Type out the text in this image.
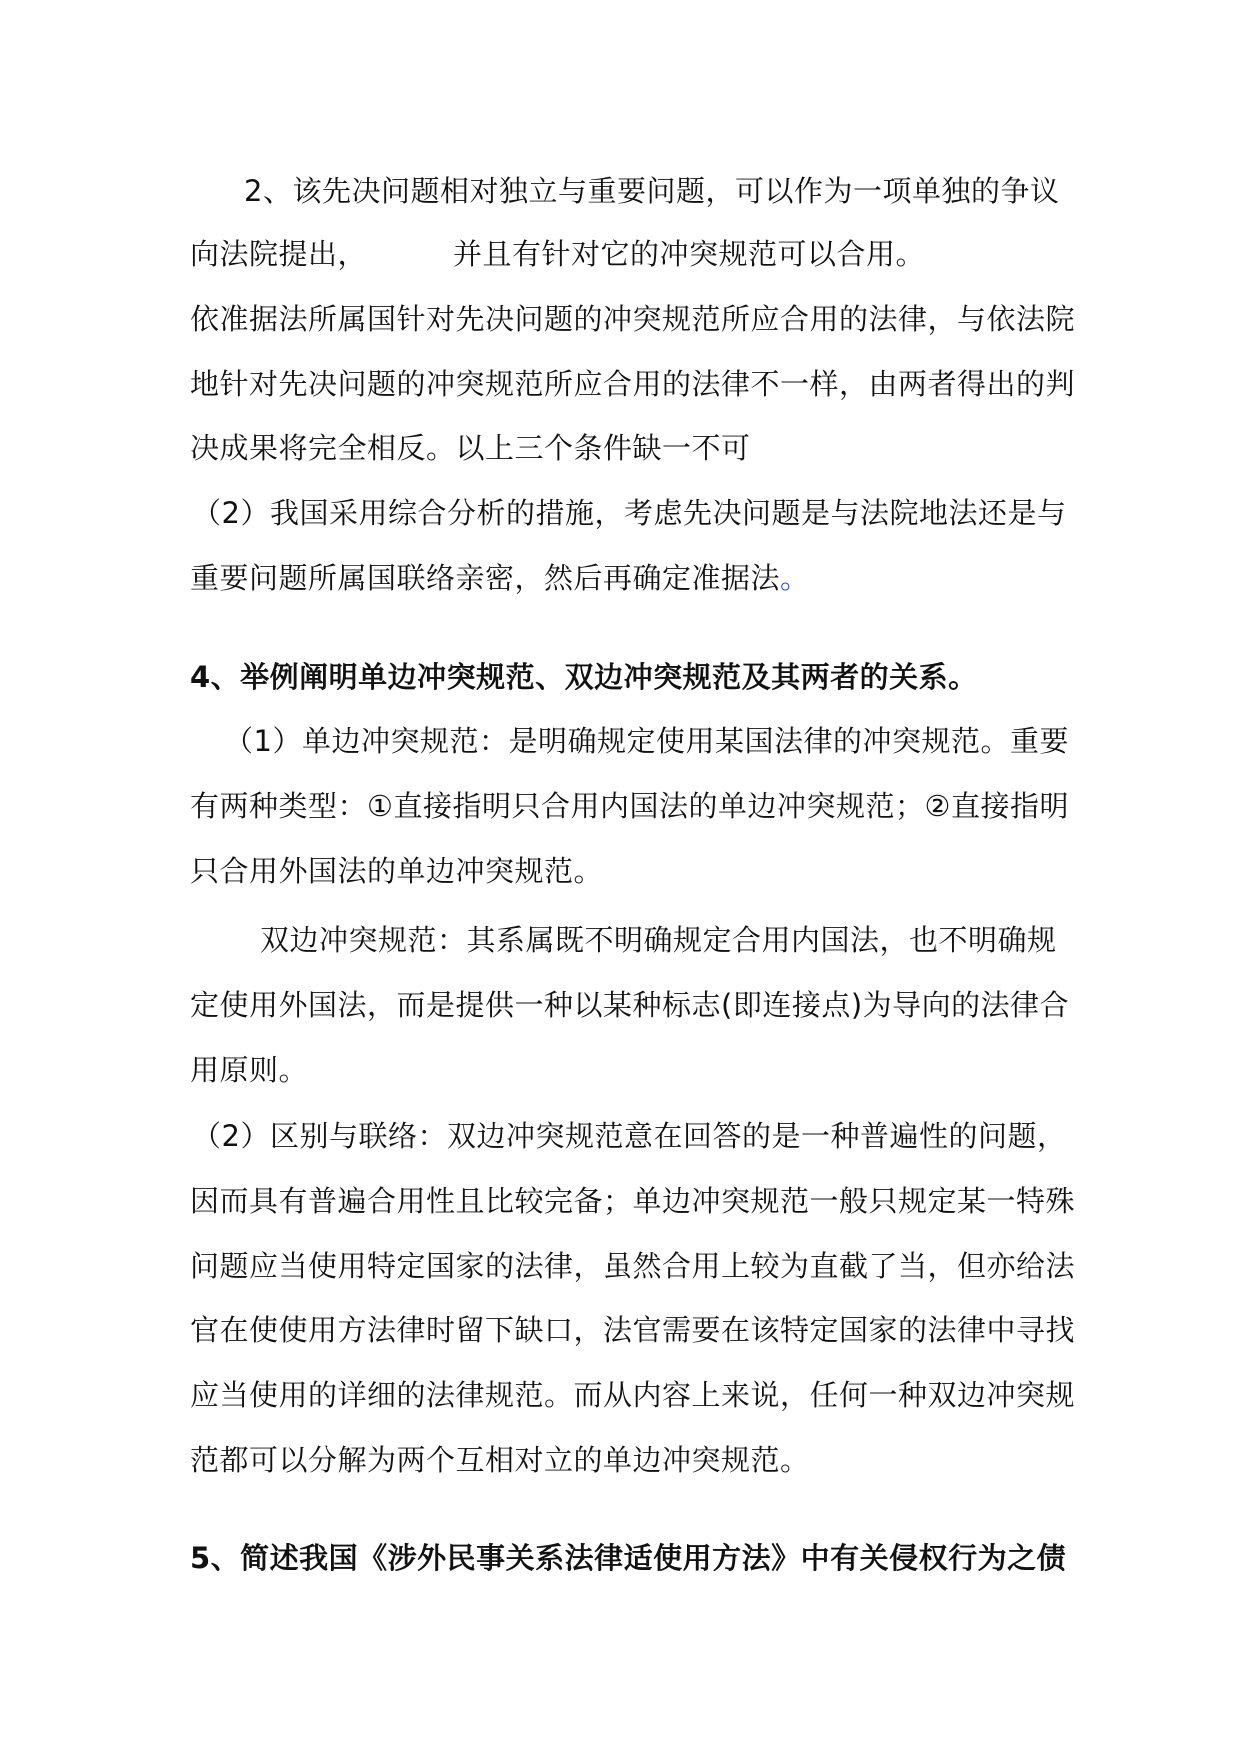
2、该先决问题相对独立与重要问题，可以作为一项单独的争议
向法院提出，	并且有针对它的冲突规范可以合用。
依准据法所属国针对先决问题的冲突规范所应合用的法律，与依法院
地针对先决问题的冲突规范所应合用的法律不一样，由两者得出的判
决成果将完全相反。以上三个条件缺一不可
（2）我国采用综合分析的措施，考虑先决问题是与法院地法还是与
重要问题所属国联络亲密，然后再确定准据法。
4、举例阐明单边冲突规范、双边冲突规范及其两者的关系。
（1）单边冲突规范：是明确规定使用某国法律的冲突规范。重要
有两种类型：①直接指明只合用内国法的单边冲突规范；②直接指明
只合用外国法的单边冲突规范。
双边冲突规范：其系属既不明确规定合用内国法，也不明确规
定使用外国法，而是提供一种以某种标志(即连接点)为导向的法律合
用原则。
（2）区别与联络：双边冲突规范意在回答的是一种普遍性的问题，
因而具有普遍合用性且比较完备；单边冲突规范一般只规定某一特殊
问题应当使用特定国家的法律，虽然合用上较为直截了当，但亦给法
官在使使用方法律时留下缺口，法官需要在该特定国家的法律中寻找
应当使用的详细的法律规范。而从内容上来说，任何一种双边冲突规
范都可以分解为两个互相对立的单边冲突规范。
5、简述我国《涉外民事关系法律适使用方法》中有关侵权行为之债
